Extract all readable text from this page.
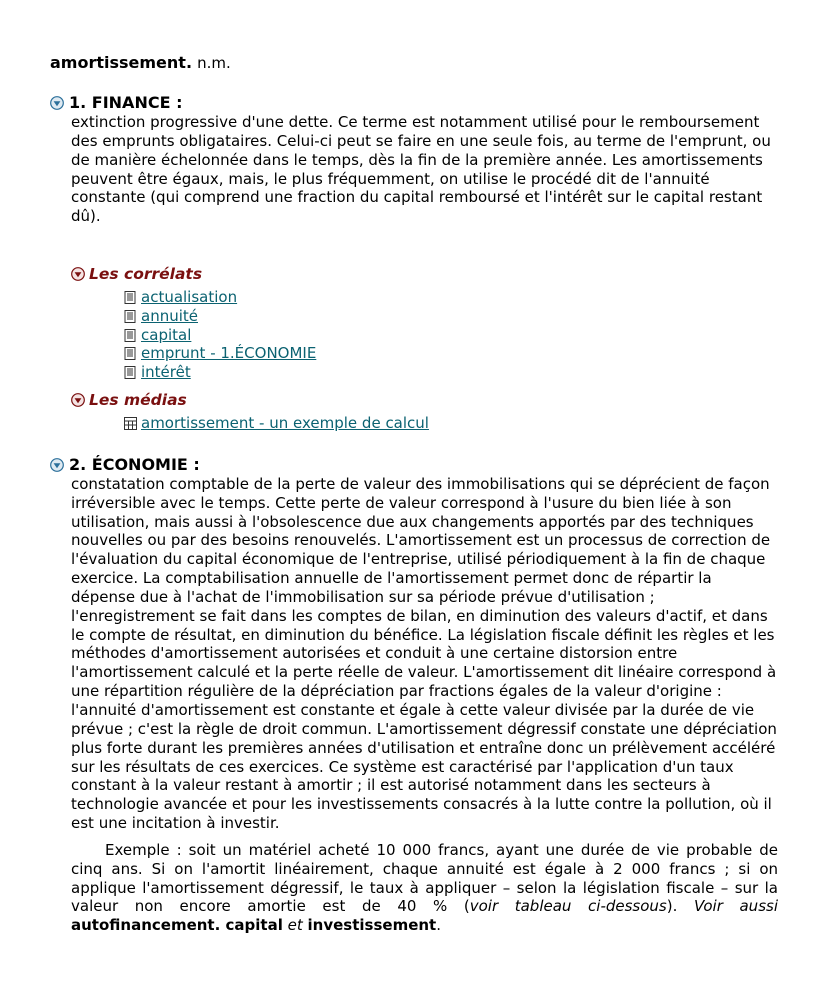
amortissement. n.m.

1. FINANCE :

extinction progressive d'une dette. Ce terme est notamment utilisé pour le remboursement des emprunts obligataires. Celui-ci peut se faire en une seule fois, au terme de l'emprunt, ou de manière échelonnée dans le temps, dès la fin de la première année. Les amortissements peuvent être égaux, mais, le plus fréquemment, on utilise le procédé dit de l'annuité constante (qui comprend une fraction du capital remboursé et l'intérêt sur le capital restant dû).

Les corrélats
actualisation
annuité
capital
emprunt - 1.ÉCONOMIE
intérêt
Les médias
amortissement - un exemple de calcul
2. ÉCONOMIE :

constatation comptable de la perte de valeur des immobilisations qui se déprécient de façon irréversible avec le temps. Cette perte de valeur correspond à l'usure du bien liée à son utilisation, mais aussi à l'obsolescence due aux changements apportés par des techniques nouvelles ou par des besoins renouvelés. L'amortissement est un processus de correction de l'évaluation du capital économique de l'entreprise, utilisé périodiquement à la fin de chaque exercice. La comptabilisation annuelle de l'amortissement permet donc de répartir la dépense due à l'achat de l'immobilisation sur sa période prévue d'utilisation ; l'enregistrement se fait dans les comptes de bilan, en diminution des valeurs d'actif, et dans le compte de résultat, en diminution du bénéfice. La législation fiscale définit les règles et les méthodes d'amortissement autorisées et conduit à une certaine distorsion entre l'amortissement calculé et la perte réelle de valeur. L'amortissement dit linéaire correspond à une répartition régulière de la dépréciation par fractions égales de la valeur d'origine : l'annuité d'amortissement est constante et égale à cette valeur divisée par la durée de vie prévue ; c'est la règle de droit commun. L'amortissement dégressif constate une dépréciation plus forte durant les premières années d'utilisation et entraîne donc un prélèvement accéléré sur les résultats de ces exercices. Ce système est caractérisé par l'application d'un taux constant à la valeur restant à amortir ; il est autorisé notamment dans les secteurs à technologie avancée et pour les investissements consacrés à la lutte contre la pollution, où il est une incitation à investir.

Exemple : soit un matériel acheté 10 000 francs, ayant une durée de vie probable de cinq ans. Si on l'amortit linéairement, chaque annuité est égale à 2 000 francs ; si on applique l'amortissement dégressif, le taux à appliquer – selon la législation fiscale – sur la valeur non encore amortie est de 40 % (voir tableau ci-dessous). Voir aussi autofinancement. capital et investissement.
